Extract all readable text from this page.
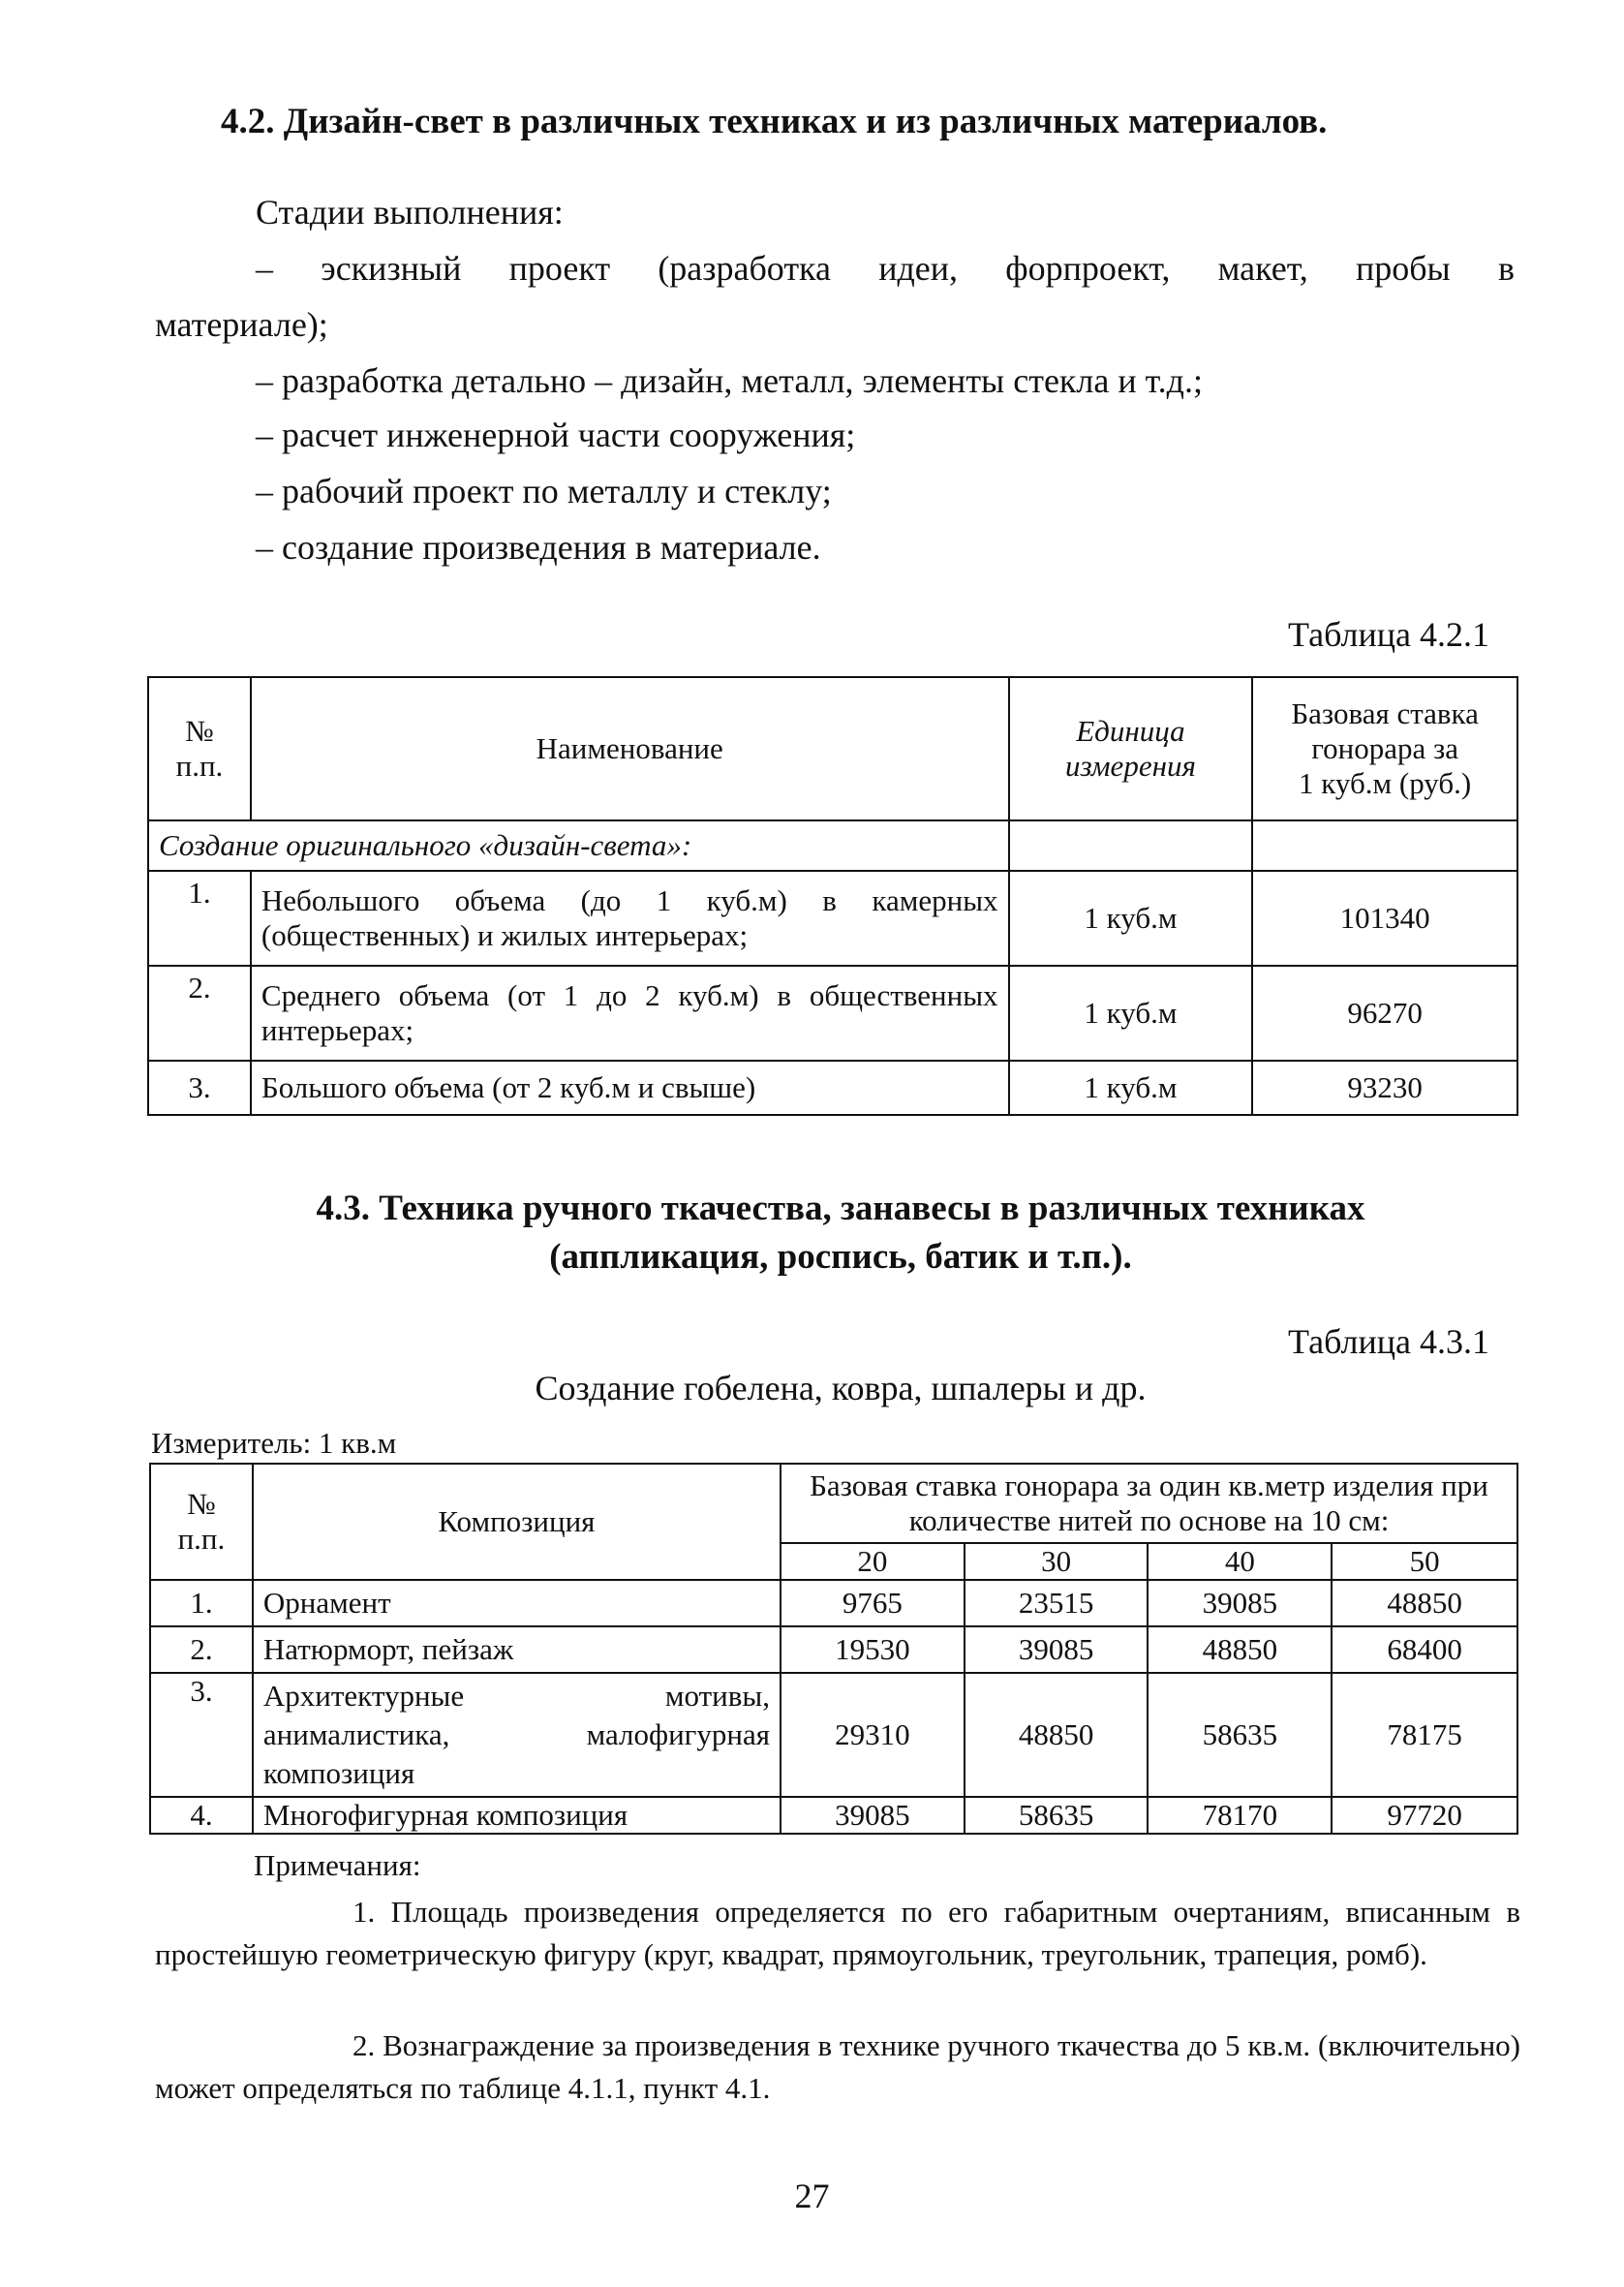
4.2. Дизайн-свет в различных техниках и из различных материалов.
Стадии выполнения:
– эскизный проект (разработка идеи, форпроект, макет, пробы в
материале);
– разработка детально – дизайн, металл, элементы стекла и т.д.;
– расчет инженерной части сооружения;
– рабочий проект по металлу и стеклу;
– создание произведения в материале.
Таблица 4.2.1
№ п.п.	Наименование	Единица измерения	Базовая ставка
гонорара за
1 куб.м (руб.)

Создание оригинального «дизайн-света»:			
1.	Небольшого объема (до 1 куб.м) в камерных (общественных) и жилых интерьерах;	1 куб.м	101340
2.	Среднего объема (от 1 до 2 куб.м) в общественных интерьерах;	1 куб.м	96270
3.	Большого объема (от 2 куб.м и свыше)	1 куб.м	93230
4.3. Техника ручного ткачества, занавесы в различных техниках
(аппликация, роспись, батик и т.п.).
Таблица 4.3.1
Создание гобелена, ковра, шпалеры и др.
Измеритель: 1 кв.м
№ п.п.	Композиция	Базовая ставка гонорара за один кв.метр изделия при количестве нитей по основе на 10 см:			
		20	30	40	50
1.	Орнамент	9765	23515	39085	48850
2.	Натюрморт, пейзаж	19530	39085	48850	68400
3.	Архитектурные мотивы, анималистика, малофигурная композиция	29310	48850	58635	78175
4.	Многофигурная композиция	39085	58635	78170	97720
Примечания:
1. Площадь произведения определяется по его габаритным очертаниям, вписанным в простейшую геометрическую фигуру (круг, квадрат, прямоугольник, треугольник, трапеция, ромб).
2. Вознаграждение за произведения в технике ручного ткачества до 5 кв.м. (включительно) может определяться по таблице 4.1.1, пункт 4.1.
27
